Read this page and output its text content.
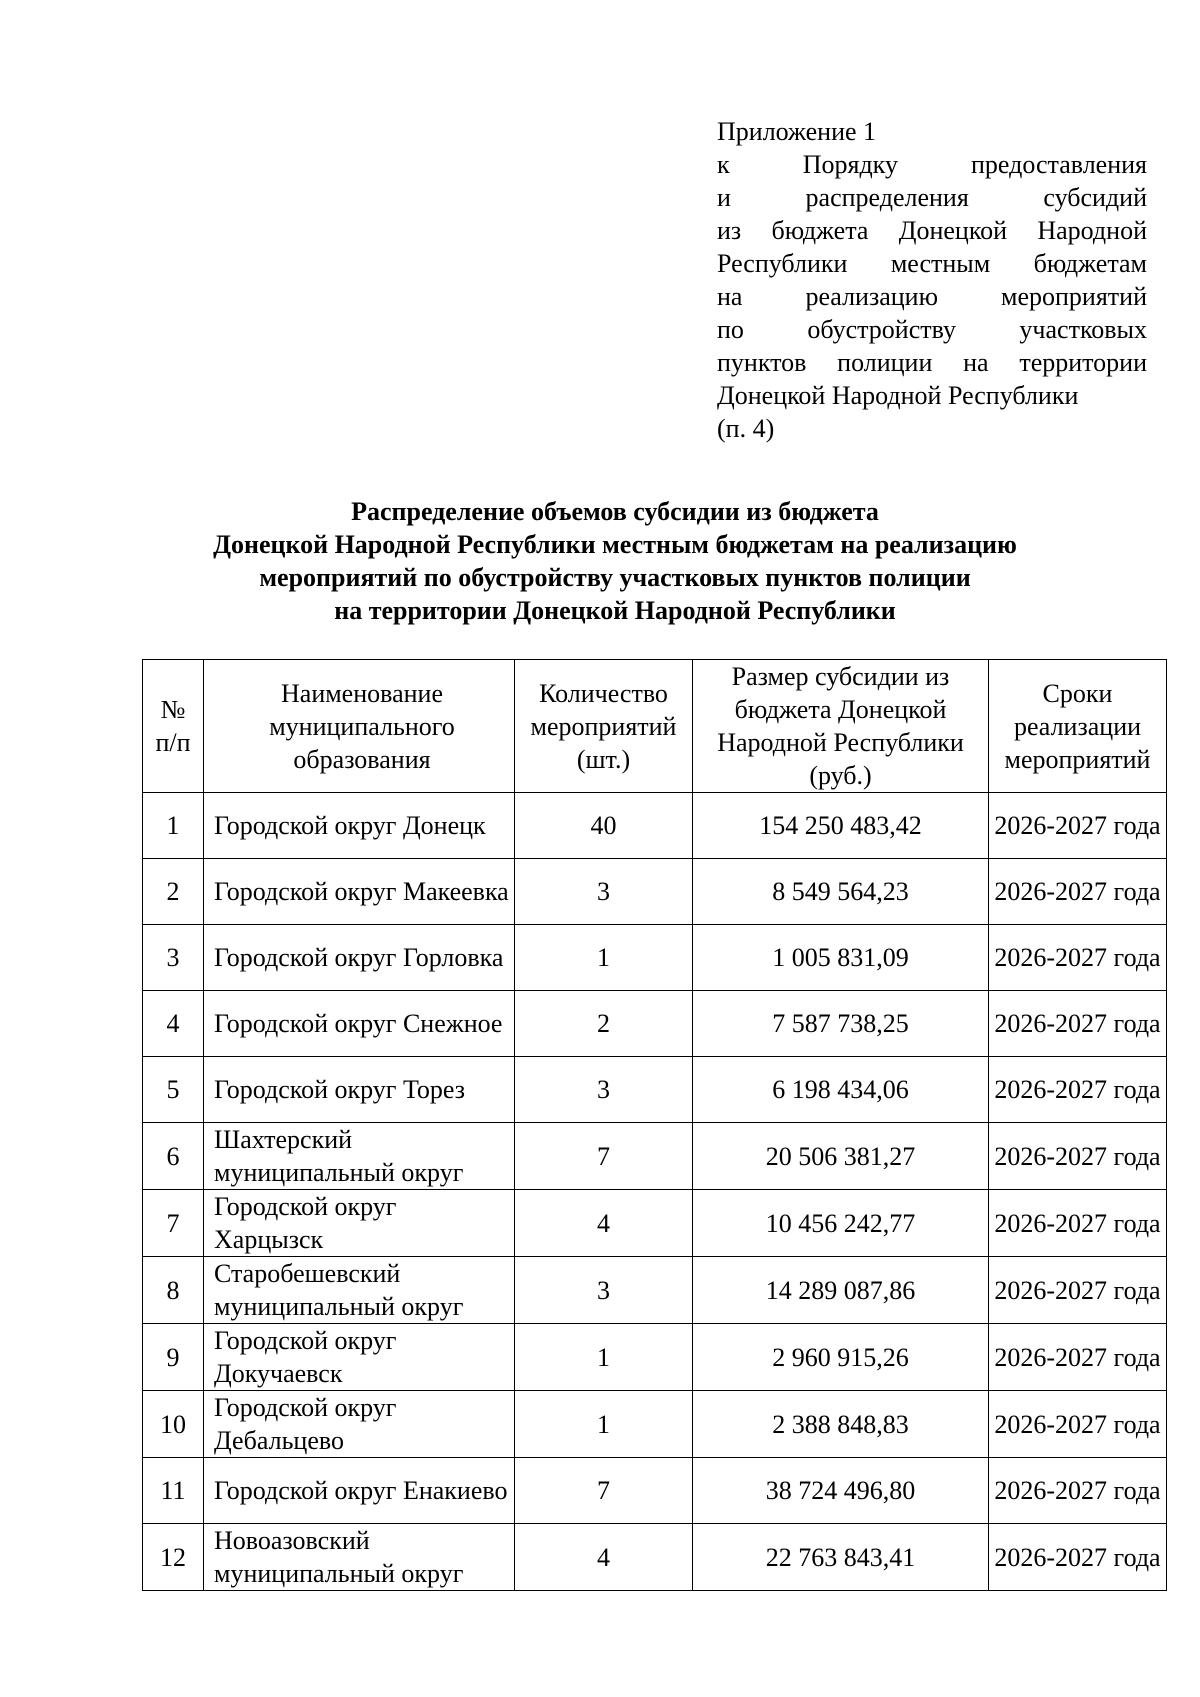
Приложение 1
к Порядку предоставления
и распределения субсидий
из бюджета Донецкой Народной
Республики местным бюджетам
на реализацию мероприятий
по обустройству участковых
пунктов полиции на территории
Донецкой Народной Республики
(п. 4)
Распределение объемов субсидии из бюджета
Донецкой Народной Республики местным бюджетам на реализацию
мероприятий по обустройству участковых пунктов полиции
на территории Донецкой Народной Республики
№ п/п	Наименование муниципального образования	Количество мероприятий (шт.)	Размер субсидии из бюджета Донецкой Народной Республики (руб.)	Сроки реализации мероприятий
1	Городской округ Донецк	40	154 250 483,42	2026-2027 года
2	Городской округ Макеевка	3	8 549 564,23	2026-2027 года
3	Городской округ Горловка	1	1 005 831,09	2026-2027 года
4	Городской округ Снежное	2	7 587 738,25	2026-2027 года
5	Городской округ Торез	3	6 198 434,06	2026-2027 года
6	Шахтерский муниципальный округ	7	20 506 381,27	2026-2027 года
7	Городской округ Харцызск	4	10 456 242,77	2026-2027 года
8	Старобешевский муниципальный округ	3	14 289 087,86	2026-2027 года
9	Городской округ Докучаевск	1	2 960 915,26	2026-2027 года
10	Городской округ Дебальцево	1	2 388 848,83	2026-2027 года
11	Городской округ Енакиево	7	38 724 496,80	2026-2027 года
12	Новоазовский муниципальный округ	4	22 763 843,41	2026-2027 года
